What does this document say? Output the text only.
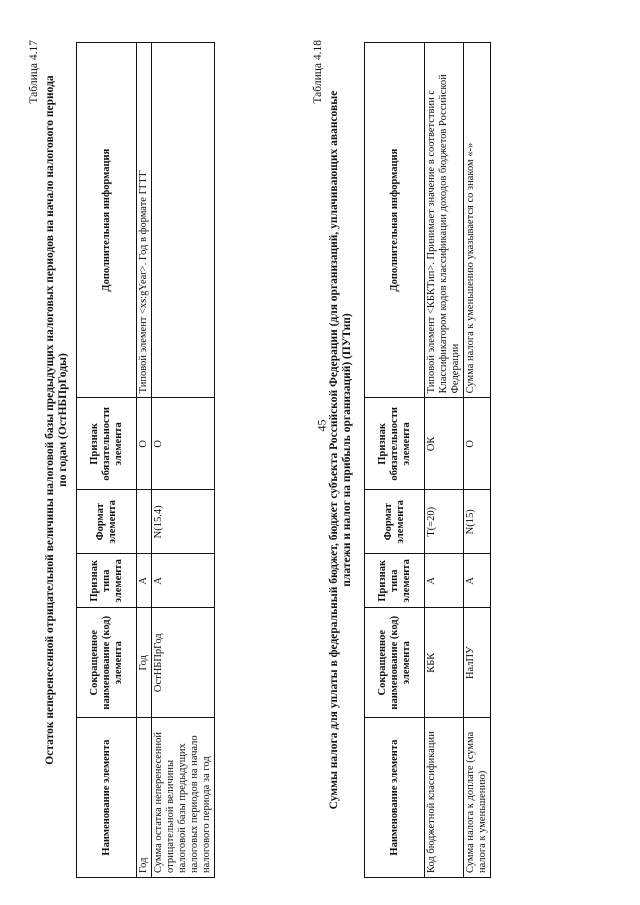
45
Таблица 4.17
Остаток неперенесенной отрицательной величины налоговой базы предыдущих налоговых периодов на начало налогового периода по годам (ОстНБПрГоды)
Наименование элемента	Сокращенное наименование (код) элемента	Признак типа элемента	Формат элемента	Признак обязательности элемента	Дополнительная информация
Год	Год	А		О	Типовой элемент <xs:gYear>. Год в формате ГГГГ
Сумма остатка неперенесенной отрицательной величины налоговой базы предыдущих налоговых периодов на начало налогового периода за год	ОстНБПрГод	А	N(15.4)	О	
Таблица 4.18
Суммы налога для уплаты в федеральный бюджет, бюджет субъекта Российской Федерации (для организаций, уплачивающих авансовые платежи и налог на прибыль организаций) (ПУТип)
Наименование элемента	Сокращенное наименование (код) элемента	Признак типа элемента	Формат элемента	Признак обязательности элемента	Дополнительная информация
Код бюджетной классификации	КБК	А	T(=20)	ОК	Типовой элемент <КБКТип>. Принимает значение в соответствии с Классификатором кодов классификации доходов бюджетов Российской Федерации
Сумма налога к доплате (сумма налога к уменьшению)	НалПУ	А	N(15)	О	Сумма налога к уменьшению указывается со знаком «-»
